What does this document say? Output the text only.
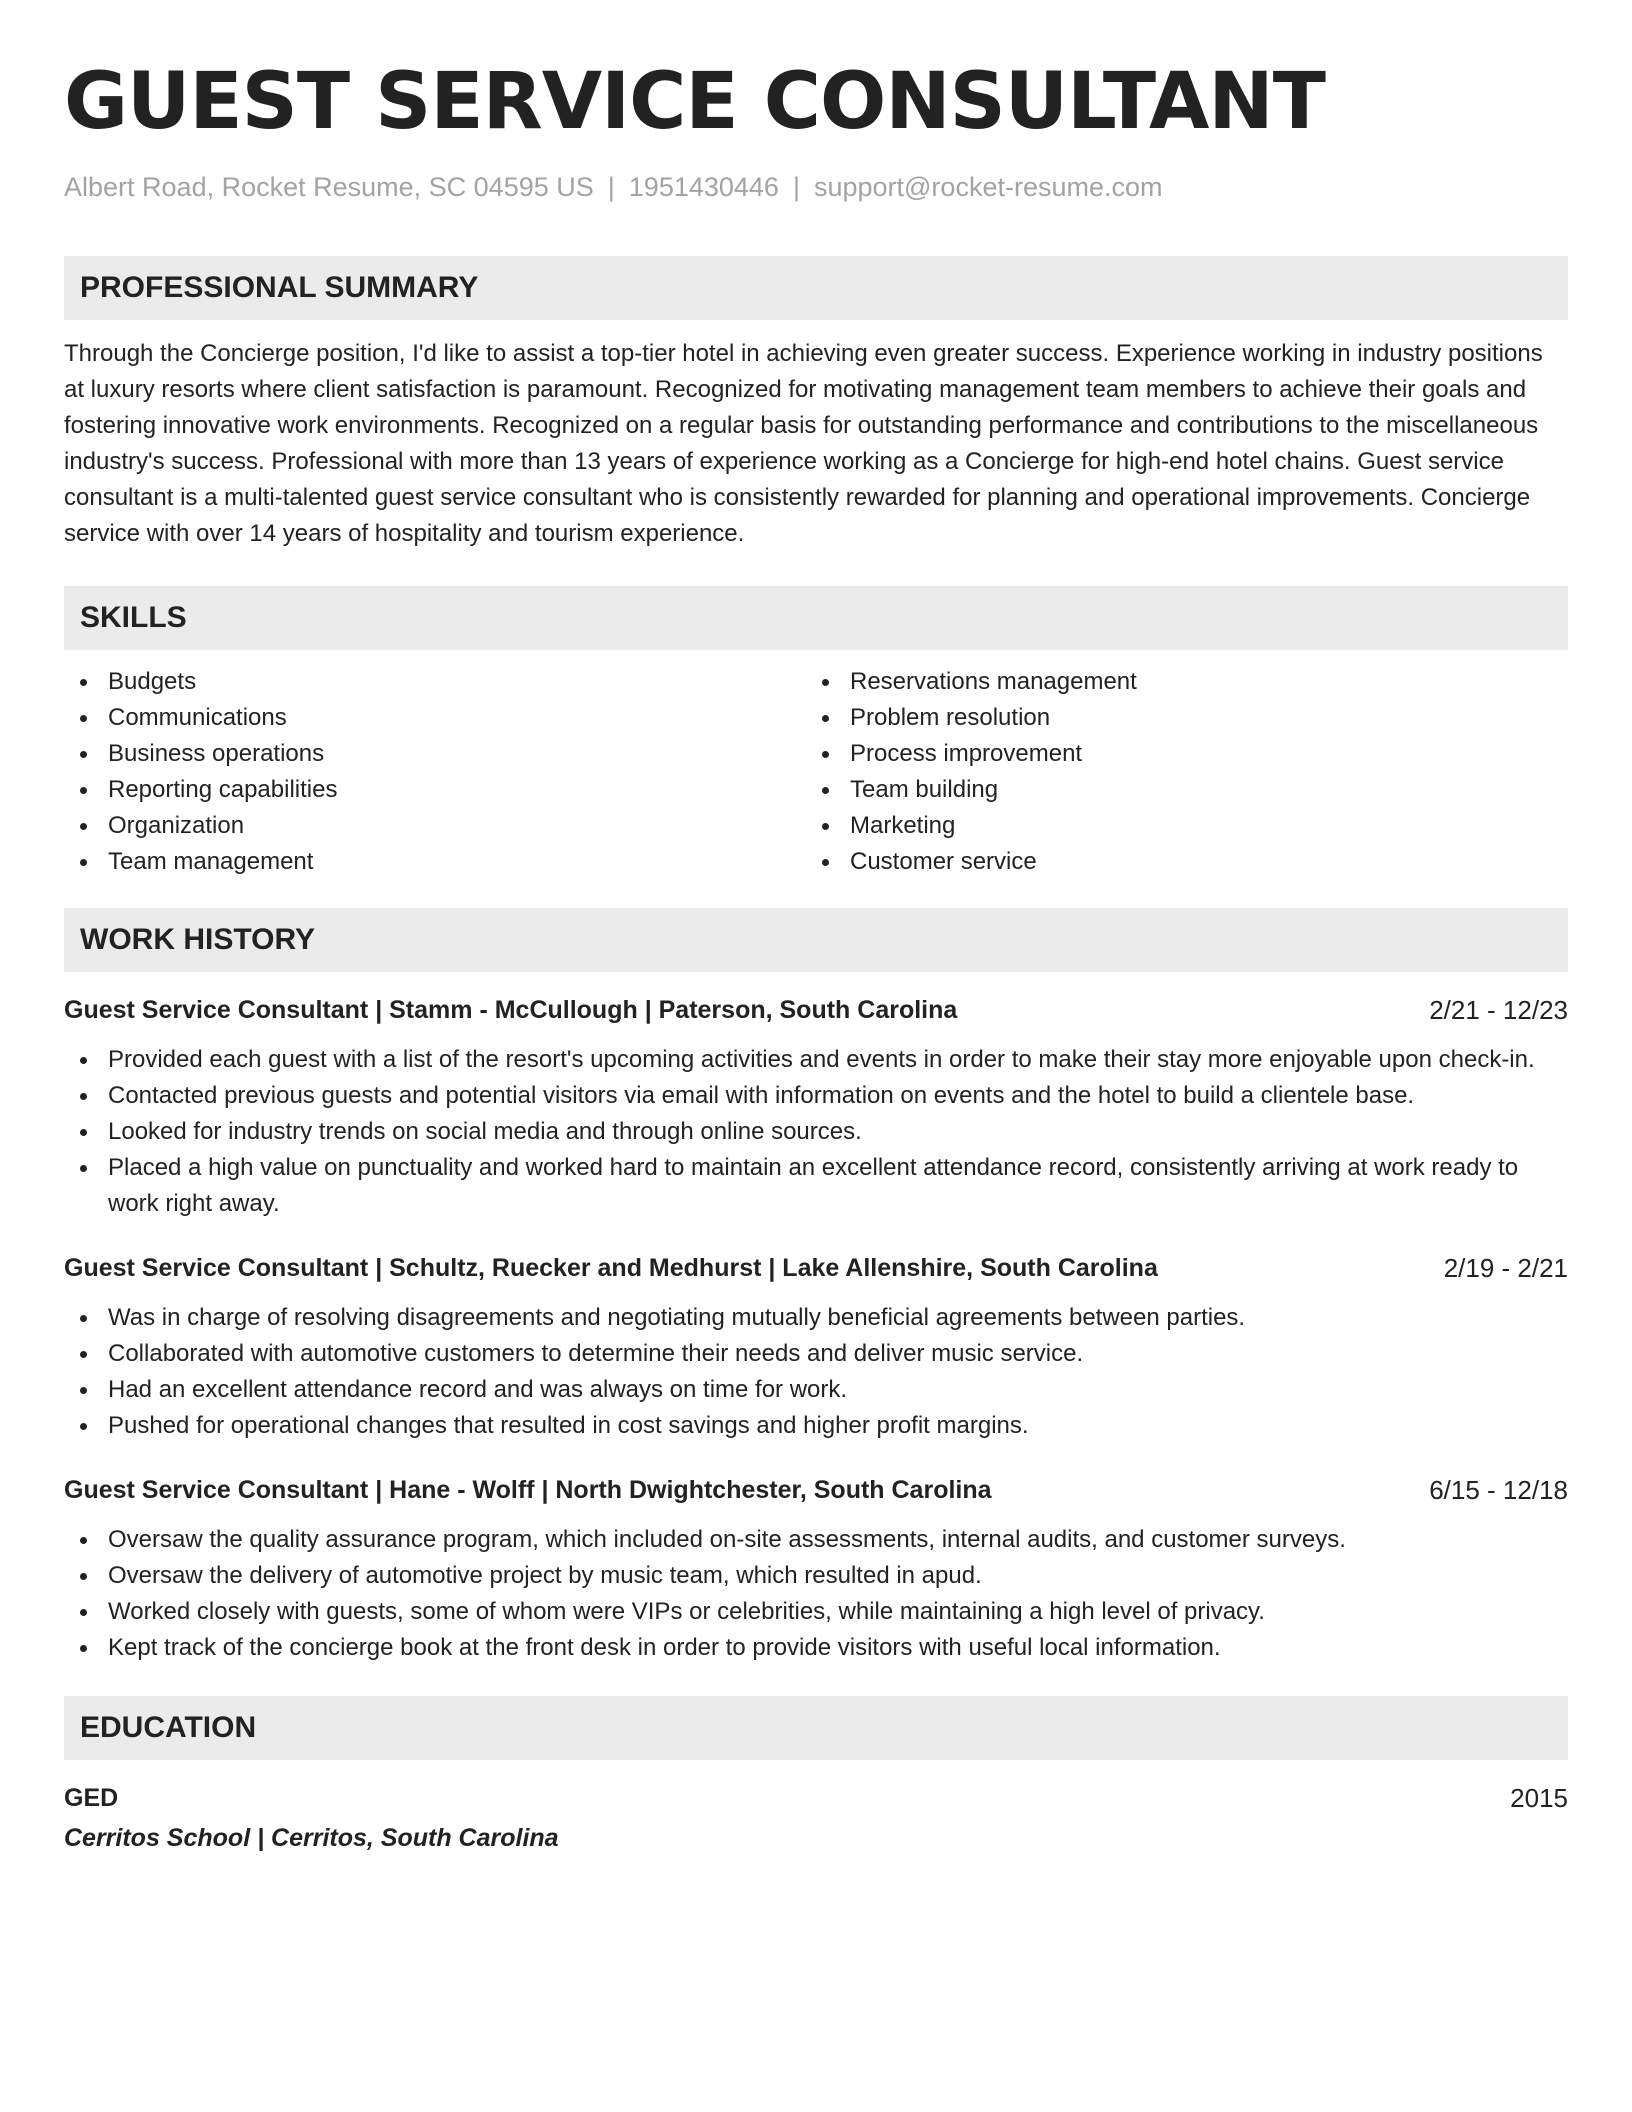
GUEST SERVICE CONSULTANT
Albert Road, Rocket Resume, SC 04595 US | 1951430446 | support@rocket-resume.com
PROFESSIONAL SUMMARY
Through the Concierge position, I'd like to assist a top-tier hotel in achieving even greater success. Experience working in industry positions at luxury resorts where client satisfaction is paramount. Recognized for motivating management team members to achieve their goals and fostering innovative work environments. Recognized on a regular basis for outstanding performance and contributions to the miscellaneous industry's success. Professional with more than 13 years of experience working as a Concierge for high-end hotel chains. Guest service consultant is a multi-talented guest service consultant who is consistently rewarded for planning and operational improvements. Concierge service with over 14 years of hospitality and tourism experience.
SKILLS
Budgets
Communications
Business operations
Reporting capabilities
Organization
Team management
Reservations management
Problem resolution
Process improvement
Team building
Marketing
Customer service
WORK HISTORY
Guest Service Consultant | Stamm - McCullough | Paterson, South Carolina	2/21 - 12/23
Provided each guest with a list of the resort's upcoming activities and events in order to make their stay more enjoyable upon check-in.
Contacted previous guests and potential visitors via email with information on events and the hotel to build a clientele base.
Looked for industry trends on social media and through online sources.
Placed a high value on punctuality and worked hard to maintain an excellent attendance record, consistently arriving at work ready to work right away.
Guest Service Consultant | Schultz, Ruecker and Medhurst | Lake Allenshire, South Carolina	2/19 - 2/21
Was in charge of resolving disagreements and negotiating mutually beneficial agreements between parties.
Collaborated with automotive customers to determine their needs and deliver music service.
Had an excellent attendance record and was always on time for work.
Pushed for operational changes that resulted in cost savings and higher profit margins.
Guest Service Consultant | Hane - Wolff | North Dwightchester, South Carolina	6/15 - 12/18
Oversaw the quality assurance program, which included on-site assessments, internal audits, and customer surveys.
Oversaw the delivery of automotive project by music team, which resulted in apud.
Worked closely with guests, some of whom were VIPs or celebrities, while maintaining a high level of privacy.
Kept track of the concierge book at the front desk in order to provide visitors with useful local information.
EDUCATION
GED	2015
Cerritos School | Cerritos, South Carolina
